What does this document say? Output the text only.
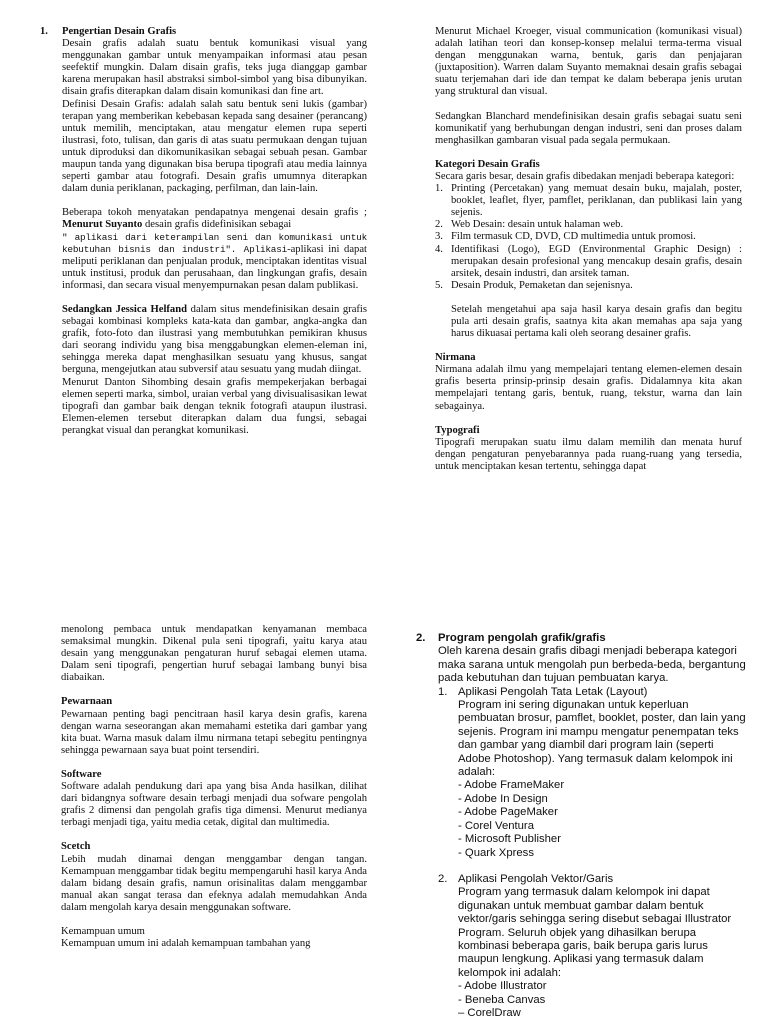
1.	Pengertian Desain Grafis

Desain grafis adalah suatu bentuk komunikasi visual yang menggunakan gambar untuk menyampaikan informasi atau pesan seefektif mungkin. Dalam disain grafis, teks juga dianggap gambar karena merupakan hasil abstraksi simbol-simbol yang bisa dibunyikan. disain grafis diterapkan dalam disain komunikasi dan fine art.

Definisi Desain Grafis: adalah salah satu bentuk seni lukis (gambar) terapan yang memberikan kebebasan kepada sang desainer (perancang) untuk memilih, menciptakan, atau mengatur elemen rupa seperti ilustrasi, foto, tulisan, dan garis di atas suatu permukaan dengan tujuan untuk diproduksi dan dikomunikasikan sebagai sebuah pesan. Gambar maupun tanda yang digunakan bisa berupa tipografi atau media lainnya seperti gambar atau fotografi. Desain grafis umumnya diterapkan dalam dunia periklanan, packaging, perfilman, dan lain-lain.

Beberapa tokoh menyatakan pendapatnya mengenai desain grafis ; Menurut Suyanto desain grafis didefinisikan sebagai
" aplikasi dari keterampilan seni dan komunikasi untuk kebutuhan bisnis dan industri". Aplikasi-aplikasi ini dapat meliputi periklanan dan penjualan produk, menciptakan identitas visual untuk institusi, produk dan perusahaan, dan lingkungan grafis, desain informasi, dan secara visual menyempurnakan pesan dalam publikasi.

Sedangkan Jessica Helfand dalam situs mendefinisikan desain grafis sebagai kombinasi kompleks kata-kata dan gambar, angka-angka dan grafik, foto-foto dan ilustrasi yang membutuhkan pemikiran khusus dari seorang individu yang bisa menggabungkan elemen-eleman ini, sehingga mereka dapat menghasilkan sesuatu yang khusus, sangat berguna, mengejutkan atau subversif atau sesuatu yang mudah diingat.

Menurut Danton Sihombing desain grafis mempekerjakan berbagai elemen seperti marka, simbol, uraian verbal yang divisualisasikan lewat tipografi dan gambar baik dengan teknik fotografi ataupun ilustrasi. Elemen-elemen tersebut diterapkan dalam dua fungsi, sebagai perangkat visual dan perangkat komunikasi.

Menurut Michael Kroeger, visual communication (komunikasi visual) adalah latihan teori dan konsep-konsep melalui terma-terma visual dengan menggunakan warna, bentuk, garis dan penjajaran (juxtaposition). Warren dalam Suyanto memaknai desain grafis sebagai suatu terjemahan dari ide dan tempat ke dalam beberapa jenis urutan yang struktural dan visual.

Sedangkan Blanchard mendefinisikan desain grafis sebagai suatu seni komunikatif yang berhubungan dengan industri, seni dan proses dalam menghasilkan gambaran visual pada segala permukaan.

Kategori Desain Grafis

Secara garis besar, desain grafis dibedakan menjadi beberapa kategori:

1. Printing (Percetakan) yang memuat desain buku, majalah, poster, booklet, leaflet, flyer, pamflet, periklanan, dan publikasi lain yang sejenis.
2. Web Desain: desain untuk halaman web.
3. Film termasuk CD, DVD, CD multimedia untuk promosi.
4. Identifikasi (Logo), EGD (Environmental Graphic Design) : merupakan desain profesional yang mencakup desain grafis, desain arsitek, desain industri, dan arsitek taman.
5. Desain Produk, Pemaketan dan sejenisnya.

Setelah mengetahui apa saja hasil karya desain grafis dan begitu pula arti desain grafis, saatnya kita akan memahas apa saja yang harus dikuasai pertama kali oleh seorang desainer grafis.

Nirmana

Nirmana adalah ilmu yang mempelajari tentang elemen-elemen desain grafis beserta prinsip-prinsip desain grafis. Didalamnya kita akan mempelajari tentang garis, bentuk, ruang, tekstur, warna dan lain sebagainya.

Typografi

Tipografi merupakan suatu ilmu dalam memilih dan menata huruf dengan pengaturan penyebarannya pada ruang-ruang yang tersedia, untuk menciptakan kesan tertentu, sehingga dapat

menolong pembaca untuk mendapatkan kenyamanan membaca semaksimal mungkin. Dikenal pula seni tipografi, yaitu karya atau desain yang menggunakan pengaturan huruf sebagai elemen utama. Dalam seni tipografi, pengertian huruf sebagai lambang bunyi bisa diabaikan.

Pewarnaan

Pewarnaan penting bagi pencitraan hasil karya desin grafis, karena dengan warna seseorangan akan memahami estetika dari gambar yang kita buat. Warna masuk dalam ilmu nirmana tetapi sebegitu pentingnya sehingga pewarnaan saya buat point tersendiri.

Software

Software adalah pendukung dari apa yang bisa Anda hasilkan, dilihat dari bidangnya software desain terbagi menjadi dua sofware pengolah grafis 2 dimensi dan pengolah grafis tiga dimensi. Menurut medianya terbagi menjadi tiga, yaitu media cetak, digital dan multimedia.

Scetch

Lebih mudah dinamai dengan menggambar dengan tangan. Kemampuan menggambar tidak begitu mempengaruhi hasil karya Anda dalam bidang desain grafis, namun orisinalitas dalam menggambar manual akan sangat terasa dan efeknya adalah memudahkan Anda dalam mengolah karya desain menggunakan software.

Kemampuan umum

Kemampuan umum ini adalah kemampuan tambahan yang

2.	Program pengolah grafik/grafis

Oleh karena desain grafis dibagi menjadi beberapa kategori maka sarana untuk mengolah pun berbeda-beda, bergantung pada kebutuhan dan tujuan pembuatan karya.

1. Aplikasi Pengolah Tata Letak (Layout)

Program ini sering digunakan untuk keperluan pembuatan brosur, pamflet, booklet, poster, dan lain yang sejenis. Program ini mampu mengatur penempatan teks dan gambar yang diambil dari program lain (seperti Adobe Photoshop). Yang termasuk dalam kelompok ini adalah:

- Adobe FrameMaker

- Adobe In Design

- Adobe PageMaker

- Corel Ventura

- Microsoft Publisher

- Quark Xpress

2. Aplikasi Pengolah Vektor/Garis

Program yang termasuk dalam kelompok ini dapat digunakan untuk membuat gambar dalam bentuk vektor/garis sehingga sering disebut sebagai Illustrator Program. Seluruh objek yang dihasilkan berupa kombinasi beberapa garis, baik berupa garis lurus maupun lengkung. Aplikasi yang termasuk dalam kelompok ini adalah:

- Adobe Illustrator

- Beneba Canvas

– CorelDraw
